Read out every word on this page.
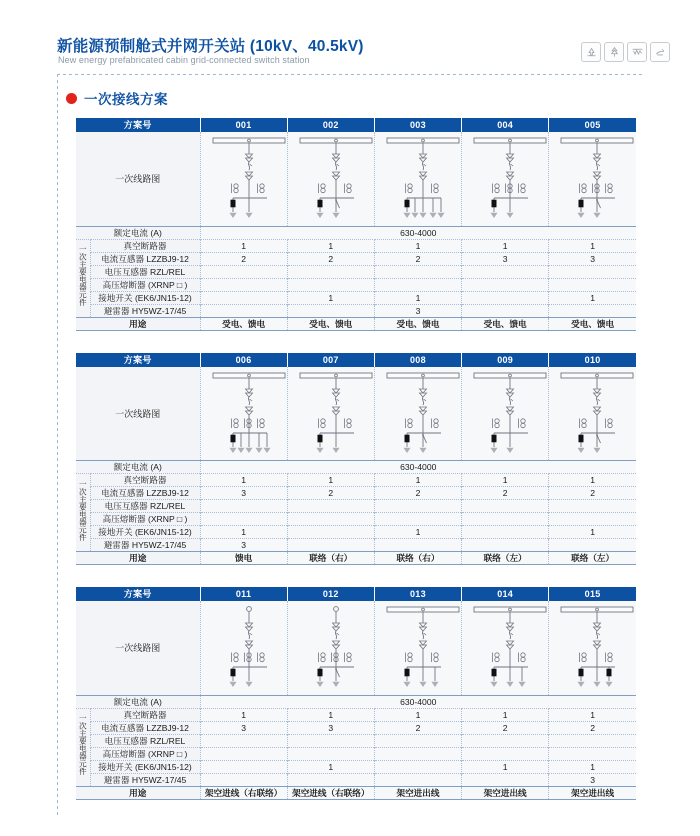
新能源预制舱式并网开关站 (10kV、40.5kV)
New energy prefabricated cabin grid-connected switch station
一次接线方案
方案号		001	002	003	004	005
一次线路图	

额定电流 (A)		630-4000				
一次主要电器元件	真空断路器	1	1	1	1	1
	电流互感器 LZZBJ9-12	2	2	2	3	3
	电压互感器 RZL/REL					
	高压熔断器 (XRNP □ )					
	接地开关 (EK6/JN15-12)		1	1		1
	避雷器 HY5WZ-17/45			3		
用途		受电、馈电	受电、馈电	受电、馈电	受电、馈电	受电、馈电
方案号		006	007	008	009	010
一次线路图	

额定电流 (A)		630-4000				
一次主要电器元件	真空断路器	1	1	1	1	1
	电流互感器 LZZBJ9-12	3	2	2	2	2
	电压互感器 RZL/REL					
	高压熔断器 (XRNP □ )					
	接地开关 (EK6/JN15-12)	1		1		1
	避雷器 HY5WZ-17/45	3				
用途		馈电	联络（右）	联络（右）	联络（左）	联络（左）
方案号		011	012	013	014	015
一次线路图	

额定电流 (A)		630-4000				
一次主要电器元件	真空断路器	1	1	1	1	1
	电流互感器 LZZBJ9-12	3	3	2	2	2
	电压互感器 RZL/REL					
	高压熔断器 (XRNP □ )					
	接地开关 (EK6/JN15-12)		1		1	1
	避雷器 HY5WZ-17/45					3
用途		架空进线（右联络）	架空进线（右联络）	架空进出线	架空进出线	架空进出线
